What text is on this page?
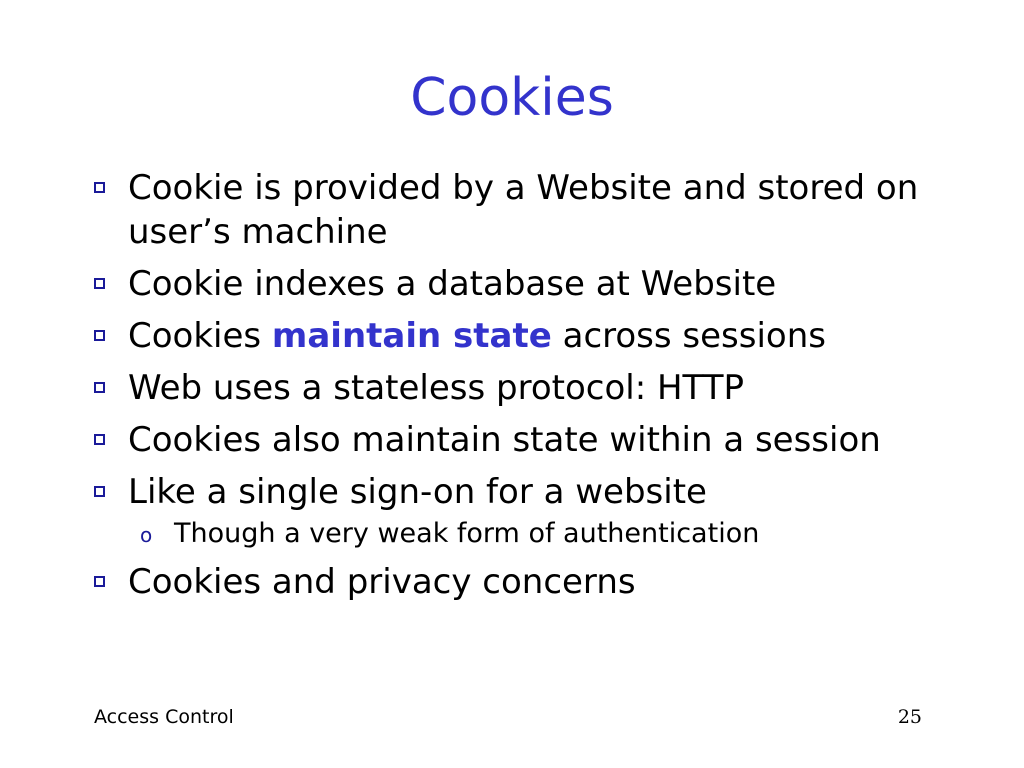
Cookies
Cookie is provided by a Website and stored on user’s machine
Cookie indexes a database at Website
Cookies maintain state across sessions
Web uses a stateless protocol: HTTP
Cookies also maintain state within a session
Like a single sign-on for a website
o Though a very weak form of authentication
Cookies and privacy concerns
Access Control	25
